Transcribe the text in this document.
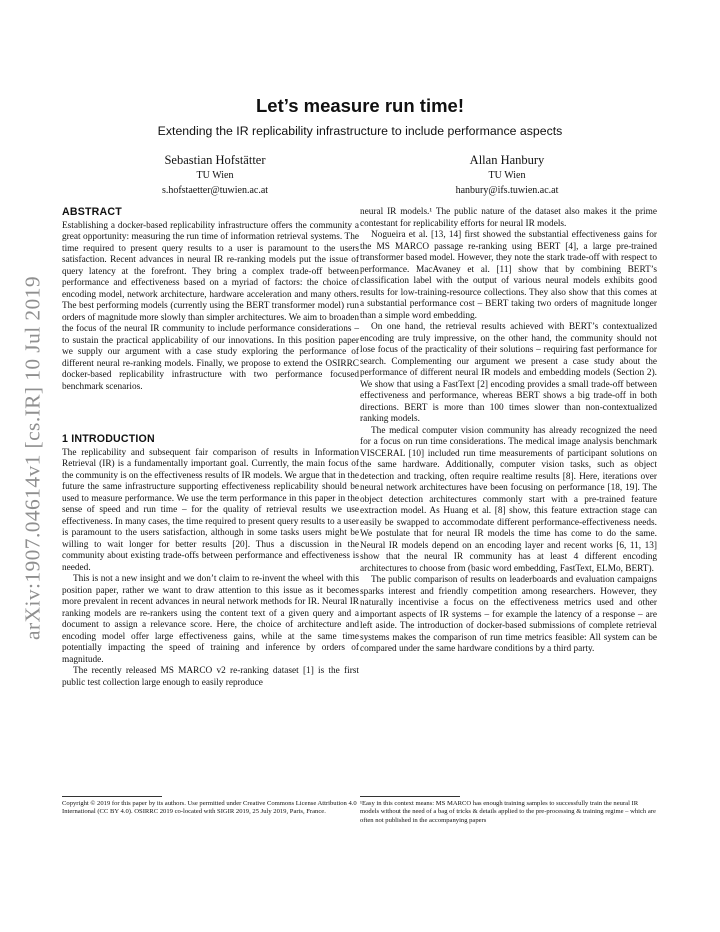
arXiv:1907.04614v1 [cs.IR] 10 Jul 2019
Let’s measure run time!
Extending the IR replicability infrastructure to include performance aspects
Sebastian Hofstätter
TU Wien
s.hofstaetter@tuwien.ac.at
Allan Hanbury
TU Wien
hanbury@ifs.tuwien.ac.at
ABSTRACT

Establishing a docker-based replicability infrastructure offers the community a great opportunity: measuring the run time of information retrieval systems. The time required to present query results to a user is paramount to the users satisfaction. Recent advances in neural IR re-ranking models put the issue of query latency at the forefront. They bring a complex trade-off between performance and effectiveness based on a myriad of factors: the choice of encoding model, network architecture, hardware acceleration and many others. The best performing models (currently using the BERT transformer model) run orders of magnitude more slowly than simpler architectures. We aim to broaden the focus of the neural IR community to include performance considerations – to sustain the practical applicability of our innovations. In this position paper we supply our argument with a case study exploring the performance of different neural re-ranking models. Finally, we propose to extend the OSIRRC docker-based replicability infrastructure with two performance focused benchmark scenarios.

1 INTRODUCTION

The replicability and subsequent fair comparison of results in Information Retrieval (IR) is a fundamentally important goal. Currently, the main focus of the community is on the effectiveness results of IR models. We argue that in the future the same infrastructure supporting effectiveness replicability should be used to measure performance. We use the term performance in this paper in the sense of speed and run time – for the quality of retrieval results we use effectiveness. In many cases, the time required to present query results to a user is paramount to the users satisfaction, although in some tasks users might be willing to wait longer for better results [20]. Thus a discussion in the community about existing trade-offs between performance and effectiveness is needed.

This is not a new insight and we don’t claim to re-invent the wheel with this position paper, rather we want to draw attention to this issue as it becomes more prevalent in recent advances in neural network methods for IR. Neural IR ranking models are re-rankers using the content text of a given query and a document to assign a relevance score. Here, the choice of architecture and encoding model offer large effectiveness gains, while at the same time potentially impacting the speed of training and inference by orders of magnitude.

The recently released MS MARCO v2 re-ranking dataset [1] is the first public test collection large enough to easily reproduce

neural IR models.¹ The public nature of the dataset also makes it the prime contestant for replicability efforts for neural IR models.

Nogueira et al. [13, 14] first showed the substantial effectiveness gains for the MS MARCO passage re-ranking using BERT [4], a large pre-trained transformer based model. However, they note the stark trade-off with respect to performance. MacAvaney et al. [11] show that by combining BERT’s classification label with the output of various neural models exhibits good results for low-training-resource collections. They also show that this comes at a substantial performance cost – BERT taking two orders of magnitude longer than a simple word embedding.

On one hand, the retrieval results achieved with BERT’s contextualized encoding are truly impressive, on the other hand, the community should not lose focus of the practicality of their solutions – requiring fast performance for search. Complementing our argument we present a case study about the performance of different neural IR models and embedding models (Section 2). We show that using a FastText [2] encoding provides a small trade-off between effectiveness and performance, whereas BERT shows a big trade-off in both directions. BERT is more than 100 times slower than non-contextualized ranking models.

The medical computer vision community has already recognized the need for a focus on run time considerations. The medical image analysis benchmark VISCERAL [10] included run time measurements of participant solutions on the same hardware. Additionally, computer vision tasks, such as object detection and tracking, often require realtime results [8]. Here, iterations over neural network architectures have been focusing on performance [18, 19]. The object detection architectures commonly start with a pre-trained feature extraction model. As Huang et al. [8] show, this feature extraction stage can easily be swapped to accommodate different performance-effectiveness needs. We postulate that for neural IR models the time has come to do the same. Neural IR models depend on an encoding layer and recent works [6, 11, 13] show that the neural IR community has at least 4 different encoding architectures to choose from (basic word embedding, FastText, ELMo, BERT).

The public comparison of results on leaderboards and evaluation campaigns sparks interest and friendly competition among researchers. However, they naturally incentivise a focus on the effectiveness metrics used and other important aspects of IR systems – for example the latency of a response – are left aside. The introduction of docker-based submissions of complete retrieval systems makes the comparison of run time metrics feasible: All system can be compared under the same hardware conditions by a third party.

Copyright © 2019 for this paper by its authors. Use permitted under Creative Commons License Attribution 4.0 International (CC BY 4.0). OSIRRC 2019 co-located with SIGIR 2019, 25 July 2019, Paris, France.

¹Easy in this context means: MS MARCO has enough training samples to successfully train the neural IR models without the need of a bag of tricks & details applied to the pre-processing & training regime – which are often not published in the accompanying papers
